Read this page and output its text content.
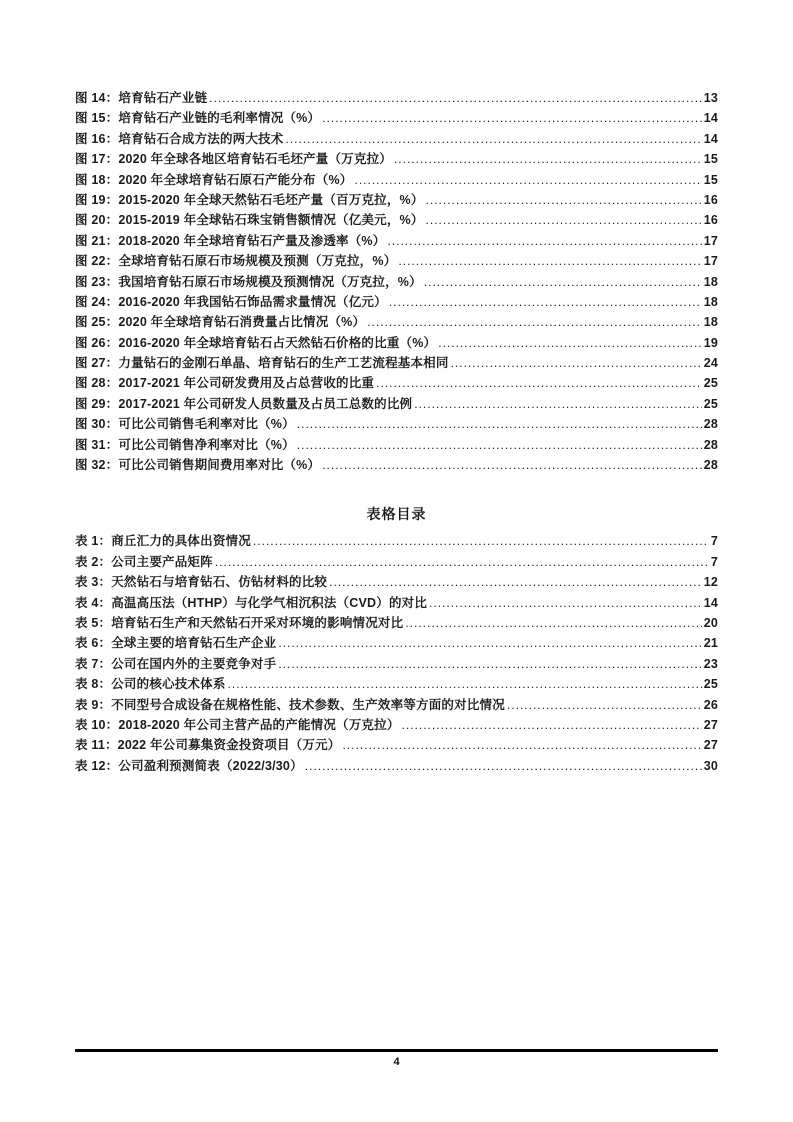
图 14：培育钻石产业链 .....	13
图 15：培育钻石产业链的毛利率情况（%） .....	14
图 16：培育钻石合成方法的两大技术 .....	14
图 17：2020 年全球各地区培育钻石毛坯产量（万克拉） .....	15
图 18：2020 年全球培育钻石原石产能分布（%） .....	15
图 19：2015-2020 年全球天然钻石毛坯产量（百万克拉，%） .....	16
图 20：2015-2019 年全球钻石珠宝销售额情况（亿美元，%） .....	16
图 21：2018-2020 年全球培育钻石产量及渗透率（%） .....	17
图 22：全球培育钻石原石市场规模及预测（万克拉，%） .....	17
图 23：我国培育钻石原石市场规模及预测情况（万克拉，%） .....	18
图 24：2016-2020 年我国钻石饰品需求量情况（亿元） .....	18
图 25：2020 年全球培育钻石消费量占比情况（%） .....	18
图 26：2016-2020 年全球培育钻石占天然钻石价格的比重（%） .....	19
图 27：力量钻石的金刚石单晶、培育钻石的生产工艺流程基本相同 .....	24
图 28：2017-2021 年公司研发费用及占总营收的比重 .....	25
图 29：2017-2021 年公司研发人员数量及占员工总数的比例 .....	25
图 30：可比公司销售毛利率对比（%） .....	28
图 31：可比公司销售净利率对比（%） .....	28
图 32：可比公司销售期间费用率对比（%） .....	28
表格目录
表 1：商丘汇力的具体出资情况 .....	7
表 2：公司主要产品矩阵 .....	7
表 3：天然钻石与培育钻石、仿钻材料的比较 .....	12
表 4：高温高压法（HTHP）与化学气相沉积法（CVD）的对比 .....	14
表 5：培育钻石生产和天然钻石开采对环境的影响情况对比 .....	20
表 6：全球主要的培育钻石生产企业 .....	21
表 7：公司在国内外的主要竞争对手 .....	23
表 8：公司的核心技术体系 .....	25
表 9：不同型号合成设备在规格性能、技术参数、生产效率等方面的对比情况 .....	26
表 10：2018-2020 年公司主营产品的产能情况（万克拉） .....	27
表 11：2022 年公司募集资金投资项目（万元） .....	27
表 12：公司盈利预测简表（2022/3/30） .....	30
4
